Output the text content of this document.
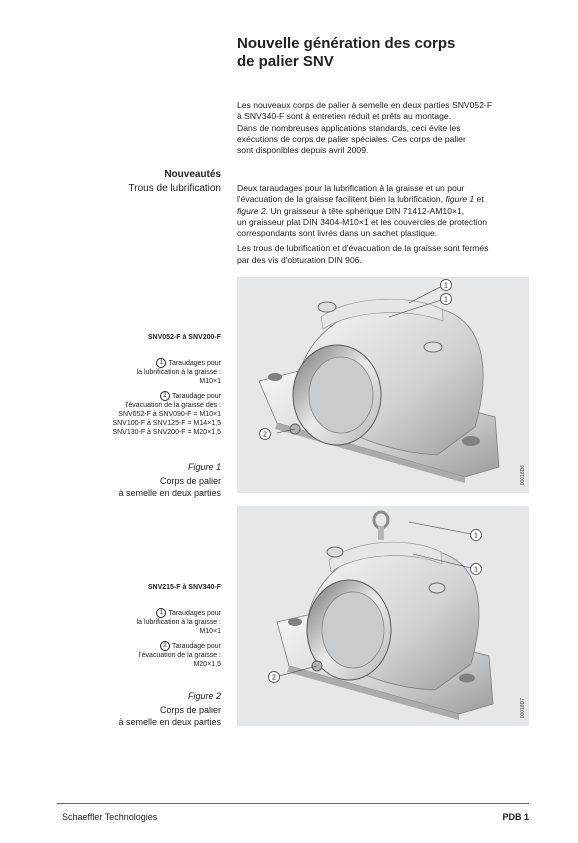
Nouvelle génération des corps
de palier SNV
Les nouveaux corps de palier à semelle en deux parties SNV052-F
à SNV340-F sont à entretien réduit et prêts au montage.
Dans de nombreuses applications standards, ceci évite les
exécutions de corps de palier spéciales. Ces corps de palier
sont disponibles depuis avril 2009.
Nouveautés
Trous de lubrification Deux taraudages pour la lubrification à la graisse et un pour
l'évacuation de la graisse facilitent bien la lubrification, figure 1 et
figure 2. Un graisseur à tête sphérique DIN 71412-AM10×1,
un graisseur plat DIN 3404-M10×1 et les couvercles de protection
correspondants sont livrés dans un sachet plastique.
Les trous de lubrification et d'évacuation de la graisse sont fermés
par des vis d'obturation DIN 906.
SNV052-F à SNV200-F
1 Taraudages pour
la lubrification à la graisse :
M10×1
2 Taraudage pour
l'évacuation de la graisse des :
SNV052-F à SNV090-F = M10×1
SNV100-F à SNV125-F = M14×1,5
SNV130-F à SNV200-F = M20×1,5
Figure 1
Corps de palier
à semelle en deux parties
1
1
2
00018D6
SNV215-F à SNV340-F
1 Taraudages pour
la lubrification à la graisse :
M10×1
2 Taraudage pour
l'évacuation de la graisse :
M20×1,5
Figure 2
Corps de palier
à semelle en deux parties
1
1
2
00018D7
Schaeffler Technologies	PDB 1
